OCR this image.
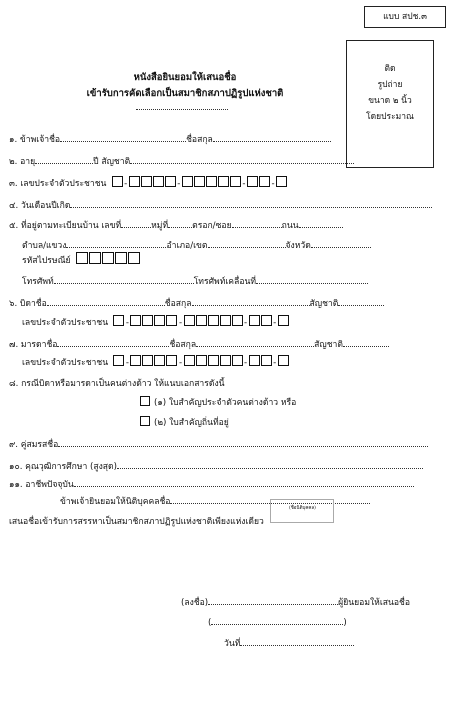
แบบ สปช.๓
ติด
รูปถ่าย
ขนาด ๒ นิ้ว
โดยประมาณ
หนังสือยินยอมให้เสนอชื่อ
เข้ารับการคัดเลือกเป็นสมาชิกสภาปฏิรูปแห่งชาติ
๑. ข้าพเจ้าชื่อ	ชื่อสกุล
๒. อายุ	ปี สัญชาติ
๓. เลขประจำตัวประชาชน -	-	-	-
๔. วันเดือนปีเกิด
๕. ที่อยู่ตามทะเบียนบ้าน เลขที่	หมู่ที่	ตรอก/ซอย	ถนน
ตำบล/แขวง	อำเภอ/เขต	จังหวัด
รหัสไปรษณีย์
โทรศัพท์	โทรศัพท์เคลื่อนที่
๖. บิดาชื่อ	ชื่อสกุล	สัญชาติ
เลขประจำตัวประชาชน -	-	-	-
๗. มารดาชื่อ	ชื่อสกุล	สัญชาติ
เลขประจำตัวประชาชน -	-	-	-
๘. กรณีบิดาหรือมารดาเป็นคนต่างด้าว ให้แนบเอกสารดังนี้
(๑) ใบสำคัญประจำตัวคนต่างด้าว หรือ
(๒) ใบสำคัญถิ่นที่อยู่
๙. คู่สมรสชื่อ
๑๐. คุณวุฒิการศึกษา (สูงสุด)
๑๑. อาชีพปัจจุบัน
ข้าพเจ้ายินยอมให้นิติบุคคลชื่อ
(ชื่อนิติบุคคล)
เสนอชื่อเข้ารับการสรรหาเป็นสมาชิกสภาปฏิรูปแห่งชาติเพียงแห่งเดียว
(ลงชื่อ)	ผู้ยินยอมให้เสนอชื่อ
(	)
วันที่
